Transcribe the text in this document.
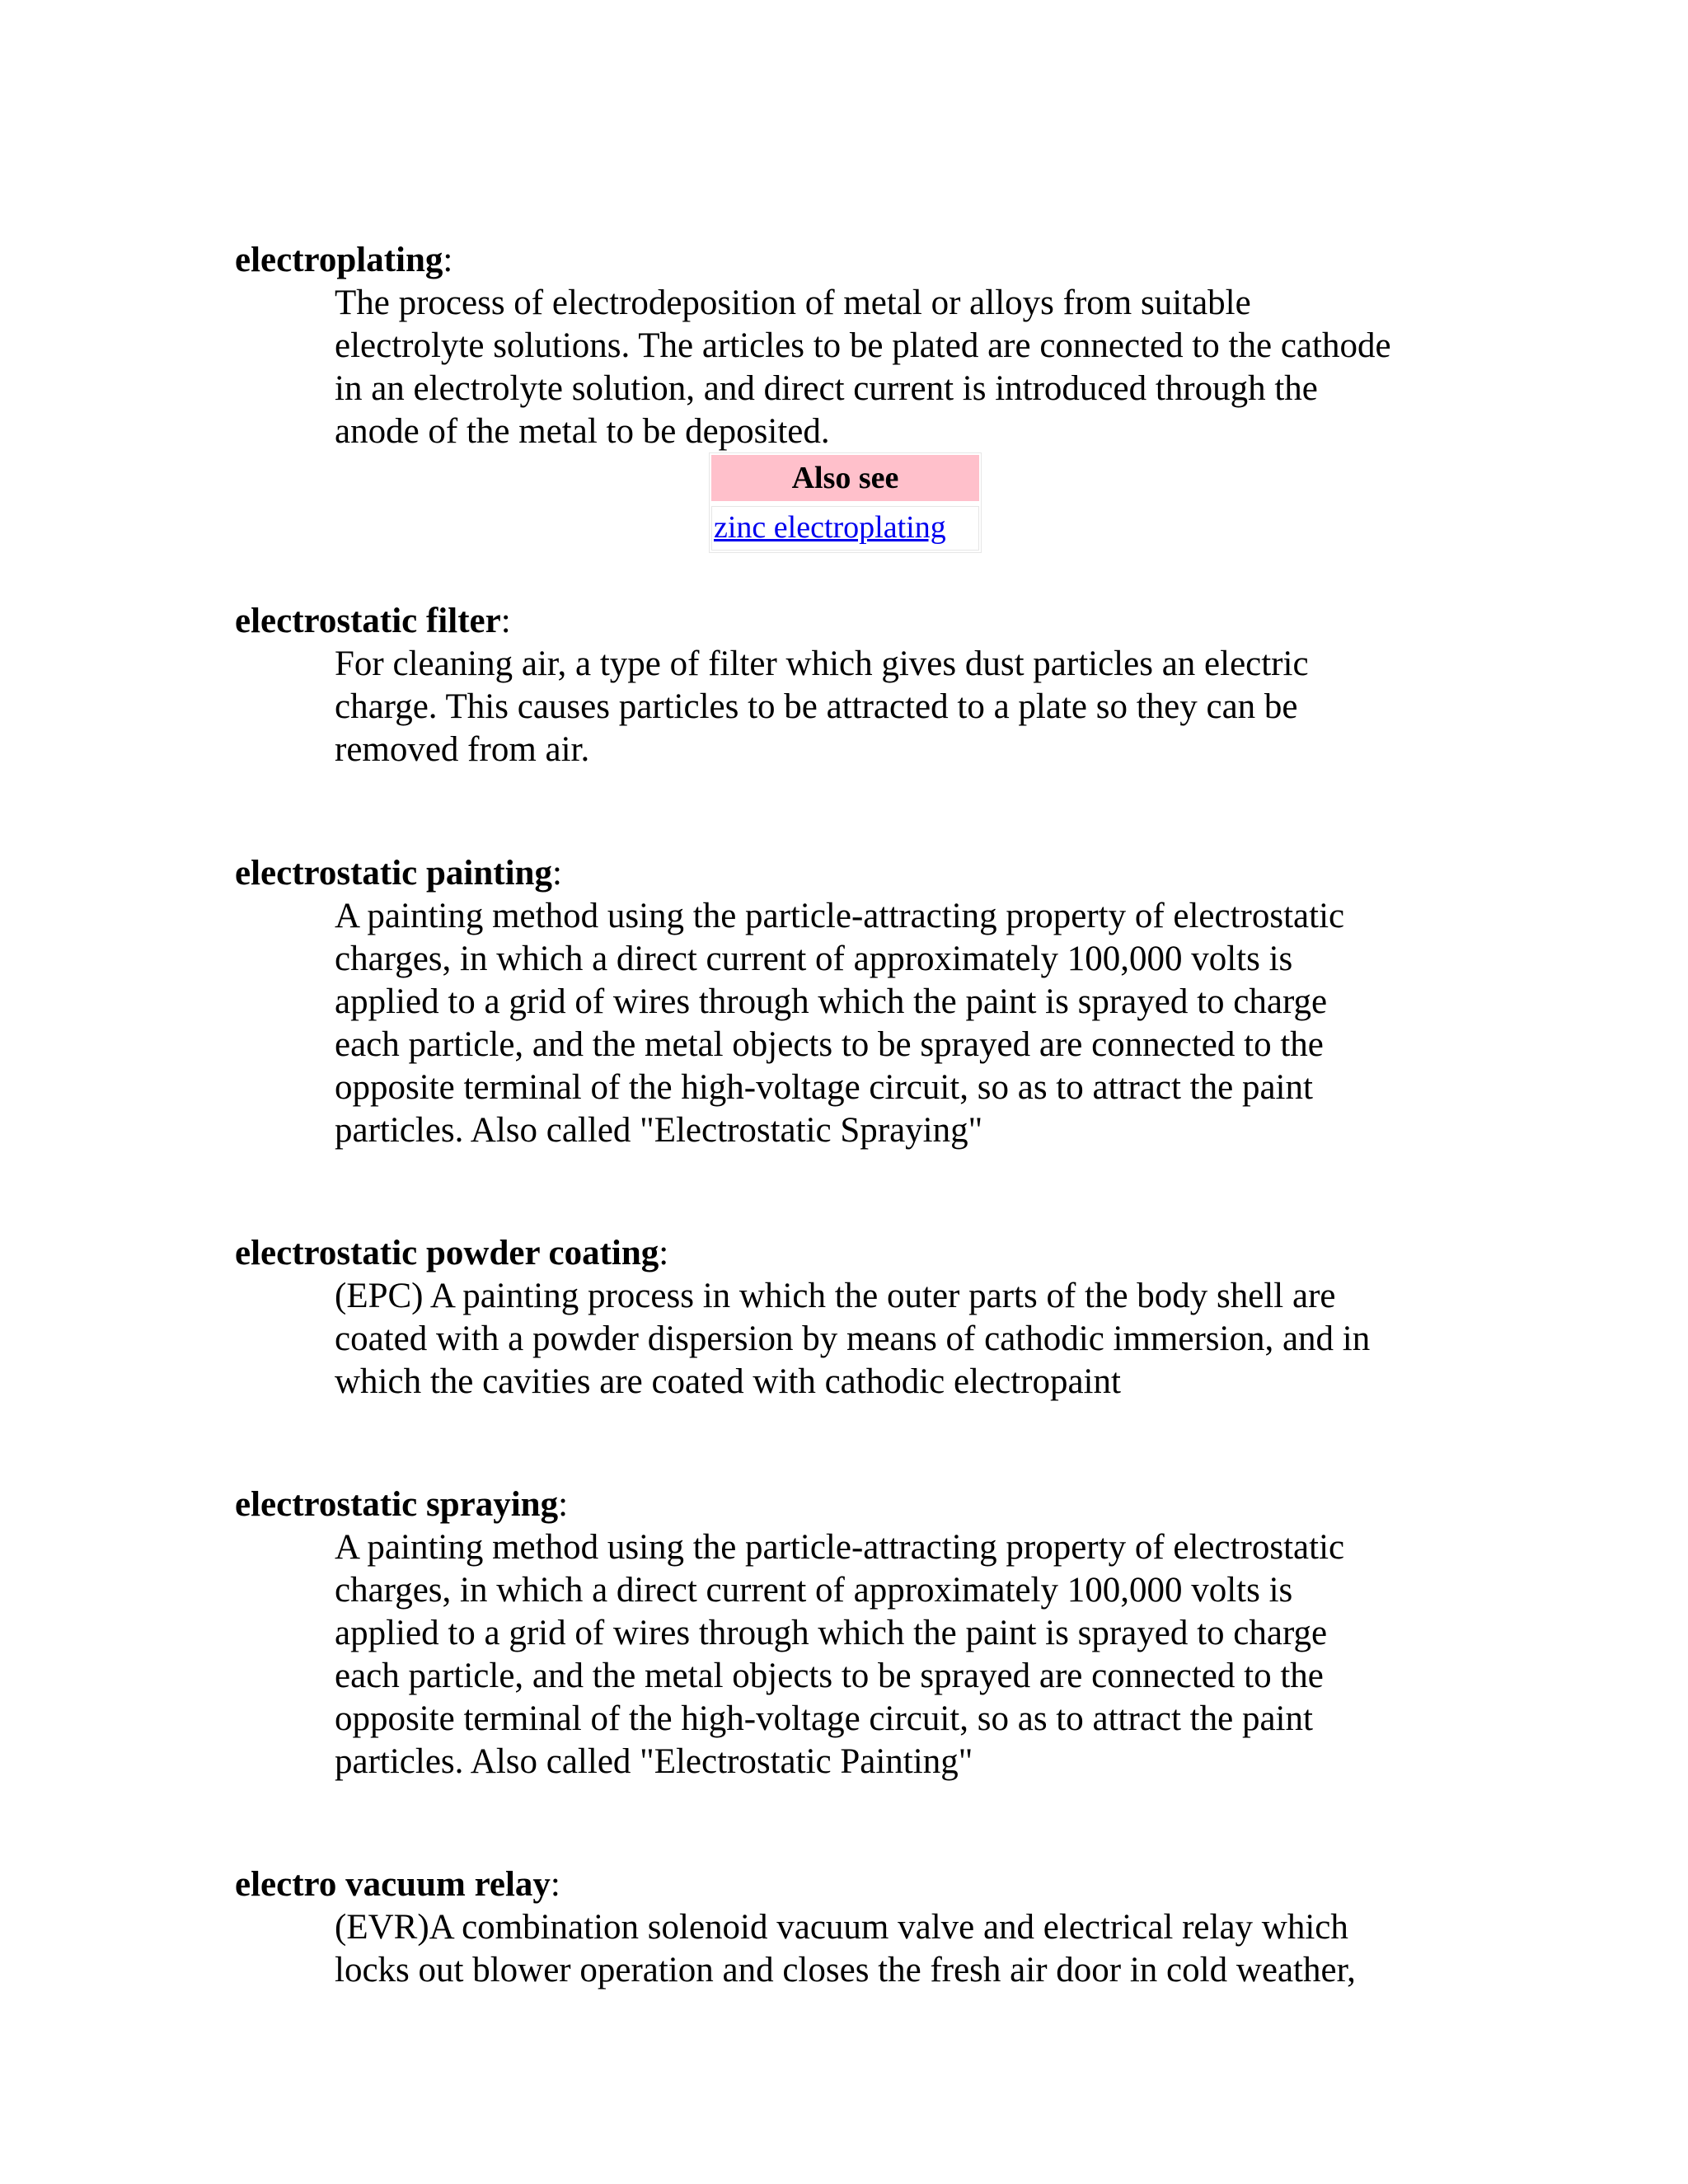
electroplating:

The process of electrodeposition of metal or alloys from suitable
electrolyte solutions. The articles to be plated are connected to the cathode
in an electrolyte solution, and direct current is introduced through the
anode of the metal to be deposited.
Also see
zinc electroplating

electrostatic filter:

For cleaning air, a type of filter which gives dust particles an electric
charge. This causes particles to be attracted to a plate so they can be
removed from air.

electrostatic painting:

A painting method using the particle-attracting property of electrostatic
charges, in which a direct current of approximately 100,000 volts is
applied to a grid of wires through which the paint is sprayed to charge
each particle, and the metal objects to be sprayed are connected to the
opposite terminal of the high-voltage circuit, so as to attract the paint
particles. Also called "Electrostatic Spraying"

electrostatic powder coating:

(EPC) A painting process in which the outer parts of the body shell are
coated with a powder dispersion by means of cathodic immersion, and in
which the cavities are coated with cathodic electropaint

electrostatic spraying:

A painting method using the particle-attracting property of electrostatic
charges, in which a direct current of approximately 100,000 volts is
applied to a grid of wires through which the paint is sprayed to charge
each particle, and the metal objects to be sprayed are connected to the
opposite terminal of the high-voltage circuit, so as to attract the paint
particles. Also called "Electrostatic Painting"

electro vacuum relay:

(EVR)A combination solenoid vacuum valve and electrical relay which
locks out blower operation and closes the fresh air door in cold weather,
